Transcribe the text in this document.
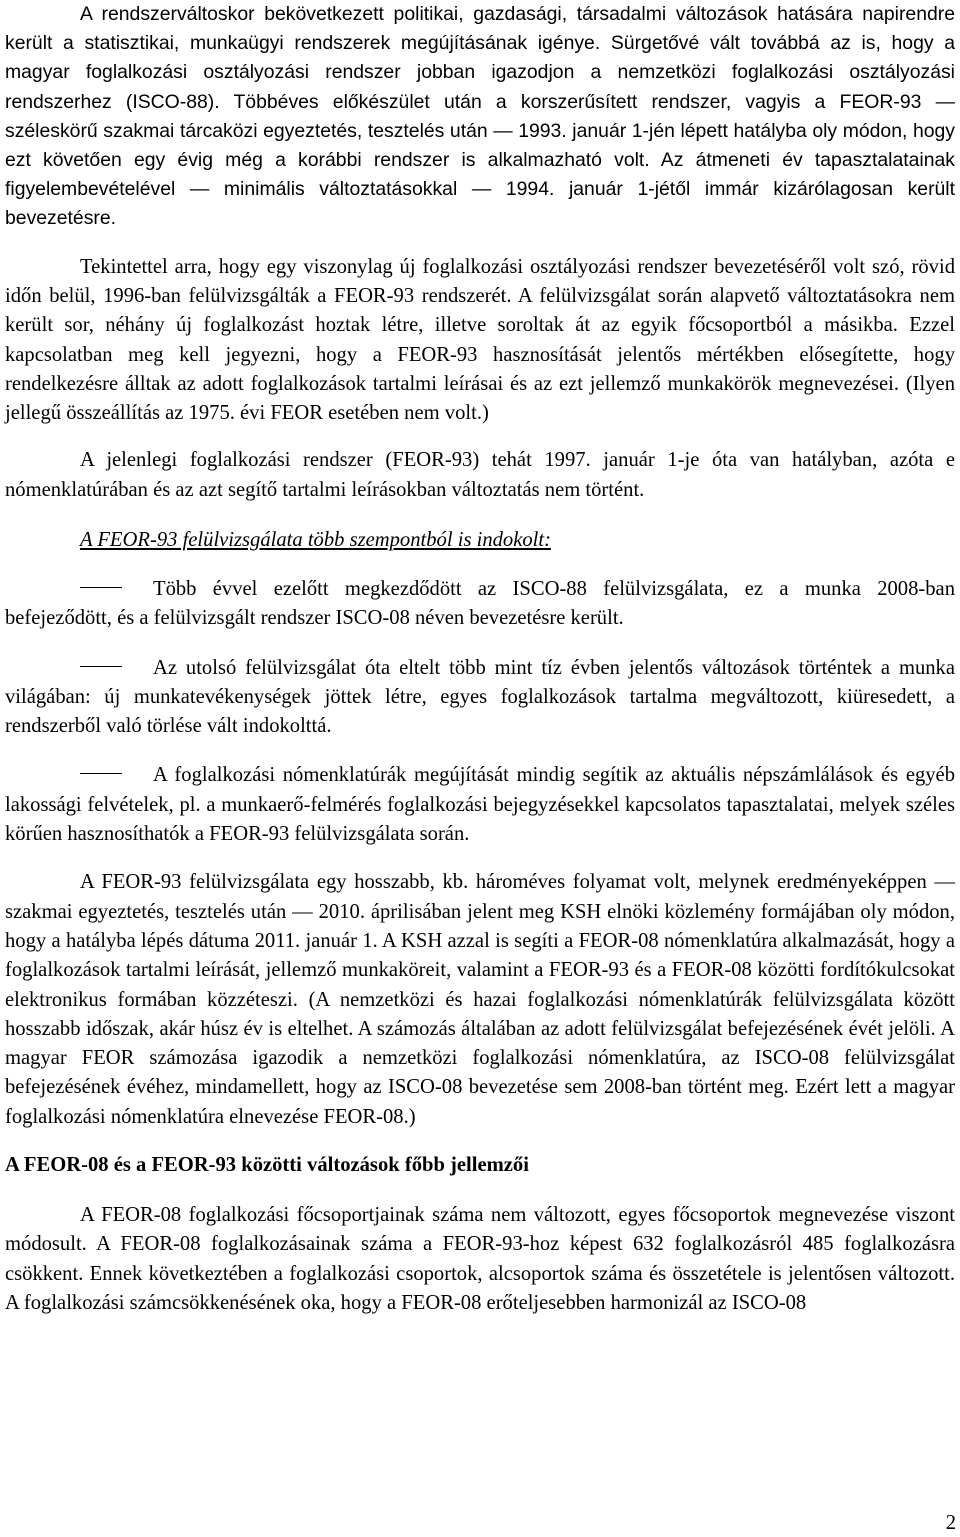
A rendszerváltoskor bekövetkezett politikai, gazdasági, társadalmi változások hatására napirendre került a statisztikai, munkaügyi rendszerek megújításának igénye. Sürgetővé vált továbbá az is, hogy a magyar foglalkozási osztályozási rendszer jobban igazodjon a nemzetközi foglalkozási osztályozási rendszerhez (ISCO-88). Többéves előkészület után a korszerűsített rendszer, vagyis a FEOR-93 ― széleskörű szakmai tárcaközi egyeztetés, tesztelés után ― 1993. január 1-jén lépett hatályba oly módon, hogy ezt követően egy évig még a korábbi rendszer is alkalmazható volt. Az átmeneti év tapasztalatainak figyelembevételével ― minimális változtatásokkal ― 1994. január 1-jétől immár kizárólagosan került bevezetésre.

Tekintettel arra, hogy egy viszonylag új foglalkozási osztályozási rendszer bevezetéséről volt szó, rövid időn belül, 1996-ban felülvizsgálták a FEOR-93 rendszerét. A felülvizsgálat során alapvető változtatásokra nem került sor, néhány új foglalkozást hoztak létre, illetve soroltak át az egyik főcsoportból a másikba. Ezzel kapcsolatban meg kell jegyezni, hogy a FEOR-93 hasznosítását jelentős mértékben elősegítette, hogy rendelkezésre álltak az adott foglalkozások tartalmi leírásai és az ezt jellemző munkakörök megnevezései. (Ilyen jellegű összeállítás az 1975. évi FEOR esetében nem volt.)

A jelenlegi foglalkozási rendszer (FEOR-93) tehát 1997. január 1-je óta van hatályban, azóta e nómenklatúrában és az azt segítő tartalmi leírásokban változtatás nem történt.

A FEOR-93 felülvizsgálata több szempontból is indokolt:

Több évvel ezelőtt megkezdődött az ISCO-88 felülvizsgálata, ez a munka 2008-ban befejeződött, és a felülvizsgált rendszer ISCO-08 néven bevezetésre került.

Az utolsó felülvizsgálat óta eltelt több mint tíz évben jelentős változások történtek a munka világában: új munkatevékenységek jöttek létre, egyes foglalkozások tartalma megváltozott, kiüresedett, a rendszerből való törlése vált indokolttá.

A foglalkozási nómenklatúrák megújítását mindig segítik az aktuális népszámlálások és egyéb lakossági felvételek, pl. a munkaerő-felmérés foglalkozási bejegyzésekkel kapcsolatos tapasztalatai, melyek széles körűen hasznosíthatók a FEOR-93 felülvizsgálata során.

A FEOR-93 felülvizsgálata egy hosszabb, kb. hároméves folyamat volt, melynek eredményeképpen ― szakmai egyeztetés, tesztelés után ― 2010. áprilisában jelent meg KSH elnöki közlemény formájában oly módon, hogy a hatályba lépés dátuma 2011. január 1. A KSH azzal is segíti a FEOR-08 nómenklatúra alkalmazását, hogy a foglalkozások tartalmi leírását, jellemző munkaköreit, valamint a FEOR-93 és a FEOR-08 közötti fordítókulcsokat elektronikus formában közzéteszi. (A nemzetközi és hazai foglalkozási nómenklatúrák felülvizsgálata között hosszabb időszak, akár húsz év is eltelhet. A számozás általában az adott felülvizsgálat befejezésének évét jelöli. A magyar FEOR számozása igazodik a nemzetközi foglalkozási nómenklatúra, az ISCO-08 felülvizsgálat befejezésének évéhez, mindamellett, hogy az ISCO-08 bevezetése sem 2008-ban történt meg. Ezért lett a magyar foglalkozási nómenklatúra elnevezése FEOR-08.)

A FEOR-08 és a FEOR-93 közötti változások főbb jellemzői

A FEOR-08 foglalkozási főcsoportjainak száma nem változott, egyes főcsoportok megnevezése viszont módosult. A FEOR-08 foglalkozásainak száma a FEOR-93-hoz képest 632 foglalkozásról 485 foglalkozásra csökkent. Ennek következtében a foglalkozási csoportok, alcsoportok száma és összetétele is jelentősen változott. A foglalkozási számcsökkenésének oka, hogy a FEOR-08 erőteljesebben harmonizál az ISCO-08

2
